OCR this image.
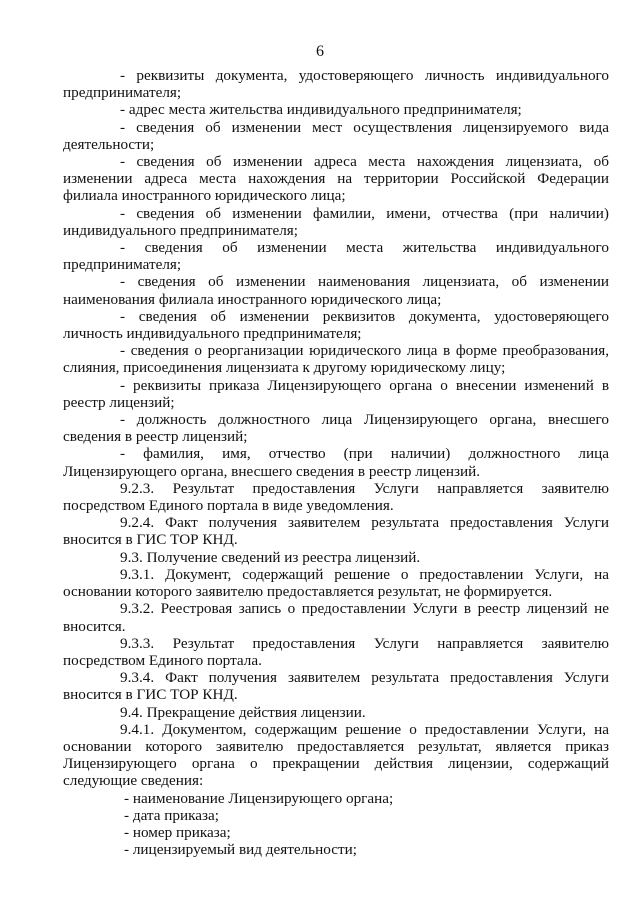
6

- реквизиты документа, удостоверяющего личность индивидуального предпринимателя;

- адрес места жительства индивидуального предпринимателя;

- сведения об изменении мест осуществления лицензируемого вида деятельности;

- сведения об изменении адреса места нахождения лицензиата, об изменении адреса места нахождения на территории Российской Федерации филиала иностранного юридического лица;

- сведения об изменении фамилии, имени, отчества (при наличии) индивидуального предпринимателя;

- сведения об изменении места жительства индивидуального предпринимателя;

- сведения об изменении наименования лицензиата, об изменении наименования филиала иностранного юридического лица;

- сведения об изменении реквизитов документа, удостоверяющего личность индивидуального предпринимателя;

- сведения о реорганизации юридического лица в форме преобразования, слияния, присоединения лицензиата к другому юридическому лицу;

- реквизиты приказа Лицензирующего органа о внесении изменений в реестр лицензий;

- должность должностного лица Лицензирующего органа, внесшего сведения в реестр лицензий;

- фамилия, имя, отчество (при наличии) должностного лица Лицензирующего органа, внесшего сведения в реестр лицензий.

9.2.3. Результат предоставления Услуги направляется заявителю посредством Единого портала в виде уведомления.

9.2.4. Факт получения заявителем результата предоставления Услуги вносится в ГИС ТОР КНД.

9.3. Получение сведений из реестра лицензий.

9.3.1. Документ, содержащий решение о предоставлении Услуги, на основании которого заявителю предоставляется результат, не формируется.

9.3.2. Реестровая запись о предоставлении Услуги в реестр лицензий не вносится.

9.3.3. Результат предоставления Услуги направляется заявителю посредством Единого портала.

9.3.4. Факт получения заявителем результата предоставления Услуги вносится в ГИС ТОР КНД.

9.4. Прекращение действия лицензии.

9.4.1. Документом, содержащим решение о предоставлении Услуги, на основании которого заявителю предоставляется результат, является приказ Лицензирующего органа о прекращении действия лицензии, содержащий следующие сведения:

- наименование Лицензирующего органа;

- дата приказа;

- номер приказа;

- лицензируемый вид деятельности;
